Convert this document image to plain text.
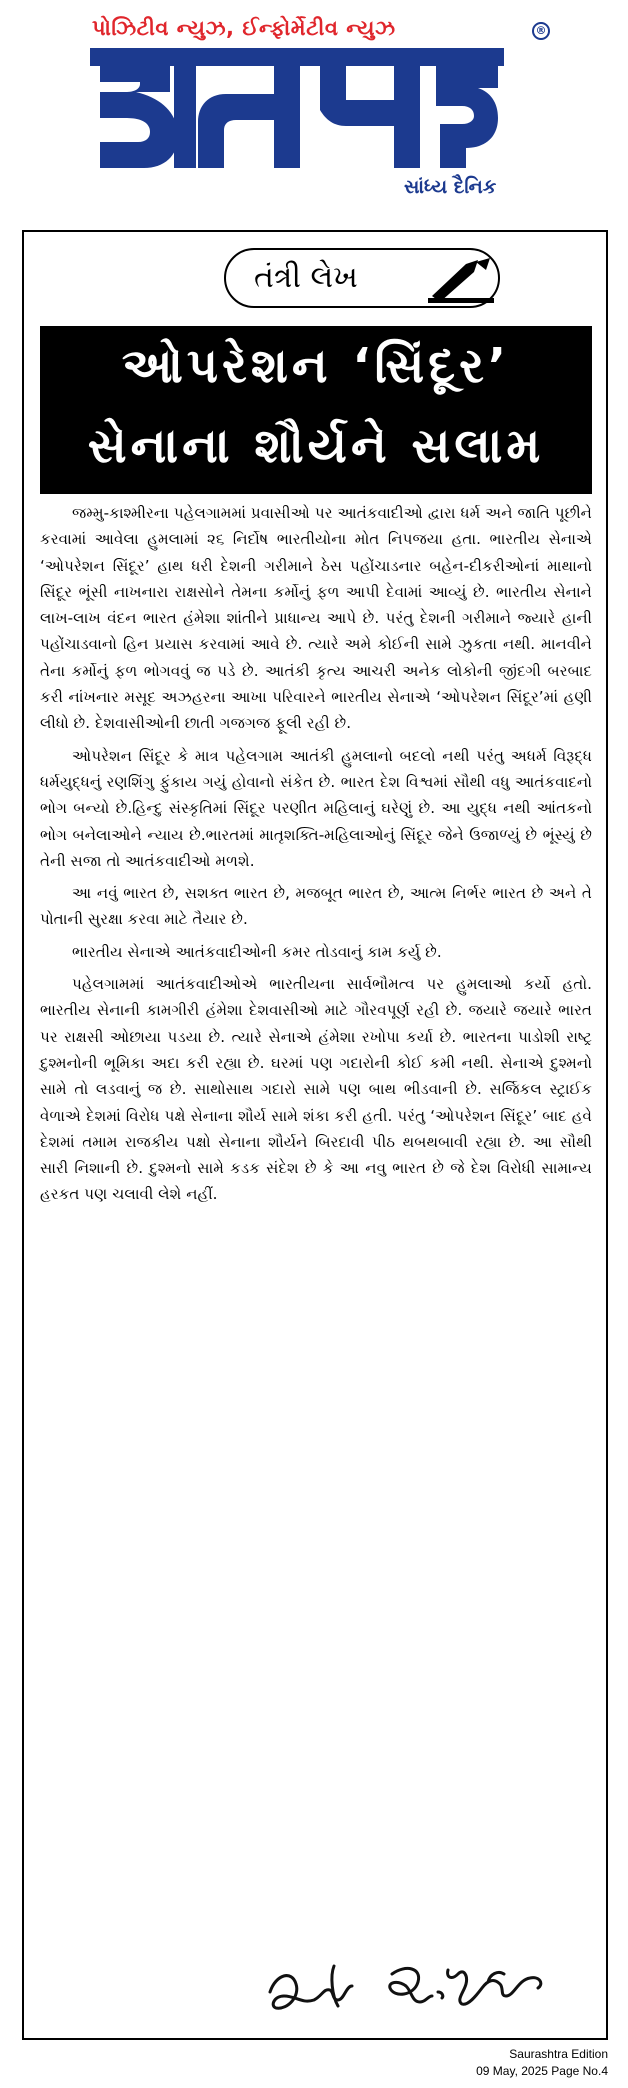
પોઝિટીવ ન્યુઝ, ઈન્ફોર્મેટીવ ન્યુઝ	®
સાંધ્ય દૈનિક
તંત્રી લેખ
ઓપરેશન ‘સિંદૂર’
સેનાના શૌર્યને સલામ

જમ્મુ-કાશ્મીરના પહેલગામમાં પ્રવાસીઓ પર આતંકવાદીઓ દ્વારા ધર્મ અને જાતિ પૂછીને કરવામાં આવેલા હુમલામાં ૨૬ નિર્દોષ ભારતીયોના મોત નિપજયા હતા. ભારતીય સેનાએ ‘ઓપરેશન સિંદૂર’ હાથ ધરી દેશની ગરીમાને ઠેસ પહોંચાડનાર બહેન-દીકરીઓનાં માથાનો સિંદૂર ભૂંસી નાખનારા રાક્ષસોને તેમના કર્મોનું ફળ આપી દેવામાં આવ્યું છે. ભારતીય સેનાને લાખ-લાખ વંદન ભારત હંમેશા શાંતીને પ્રાધાન્ય આપે છે. પરંતુ દેશની ગરીમાને જ્યારે હાની પહોંચાડવાનો હિન પ્રયાસ કરવામાં આવે છે. ત્યારે અમે કોઈની સામે ઝુકતા નથી. માનવીને તેના કર્મોનું ફળ ભોગવવું જ પડે છે. આતંકી કૃત્ય આચરી અનેક લોકોની જીંદગી બરબાદ કરી નાંખનાર મસૂદ અઝહરના આખા પરિવારને ભારતીય સેનાએ ‘ઓપરેશન સિંદૂર’માં હણી લીધો છે. દેશવાસીઓની છાતી ગજગજ ફૂલી રહી છે.

ઓપરેશન સિંદૂર કે માત્ર પહેલગામ આતંકી હુમલાનો બદલો નથી પરંતુ અધર્મ વિરૂદ્ધ ધર્મયુદ્ધનું રણશિંગુ ફુંકાય ગયું હોવાનો સંકેત છે. ભારત દેશ વિશ્વમાં સૌથી વધુ આતંકવાદનો ભોગ બન્યો છે.હિન્દુ સંસ્કૃતિમાં સિંદૂર પરણીત મહિલાનું ઘરેણું છે. આ યુદ્ધ નથી આંતકનો ભોગ બનેલાઓને ન્યાય છે.ભારતમાં માતૃશક્તિ-મહિલાઓનું સિંદૂર જેને ઉજાળ્યું છે ભૂંસ્યું છે તેની સજા તો આતંકવાદીઓ મળશે.

આ નવું ભારત છે, સશક્ત ભારત છે, મજબૂત ભારત છે, આત્મ નિર્ભર ભારત છે અને તે પોતાની સુરક્ષા કરવા માટે તૈયાર છે.

ભારતીય સેનાએ આતંકવાદીઓની કમર તોડવાનું કામ કર્યુ છે.

પહેલગામમાં આતંકવાદીઓએ ભારતીયના સાર્વભૌમત્વ પર હુમલાઓ કર્યો હતો. ભારતીય સેનાની કામગીરી હંમેશા દેશવાસીઓ માટે ગૌરવપૂર્ણ રહી છે. જયારે જયારે ભારત પર રાક્ષસી ઓછાયા પડયા છે. ત્યારે સેનાએ હંમેશા રખોપા કર્યા છે. ભારતના પાડોશી રાષ્ટ્ર દુશ્મનોની ભૂમિકા અદા કરી રહ્યા છે. ઘરમાં પણ ગદારોની કોઈ કમી નથી. સેનાએ દુશ્મનો સામે તો લડવાનું જ છે. સાથોસાથ ગદારો સામે પણ બાથ ભીડવાની છે. સર્જિકલ સ્ટ્રાઈક વેળાએ દેશમાં વિરોધ પક્ષે સેનાના શૌર્ય સામે શંકા કરી હતી. પરંતુ ‘ઓપરેશન સિંદૂર’ બાદ હવે દેશમાં તમામ રાજકીય પક્ષો સેનાના શૌર્યને બિરદાવી પીઠ થબથબાવી રહ્યા છે. આ સૌથી સારી નિશાની છે. દુશ્મનો સામે કડક સંદેશ છે કે આ નવુ ભારત છે જે દેશ વિરોધી સામાન્ય હરકત પણ ચલાવી લેશે નહીં.

Saurashtra Edition
09 May, 2025 Page No.4
